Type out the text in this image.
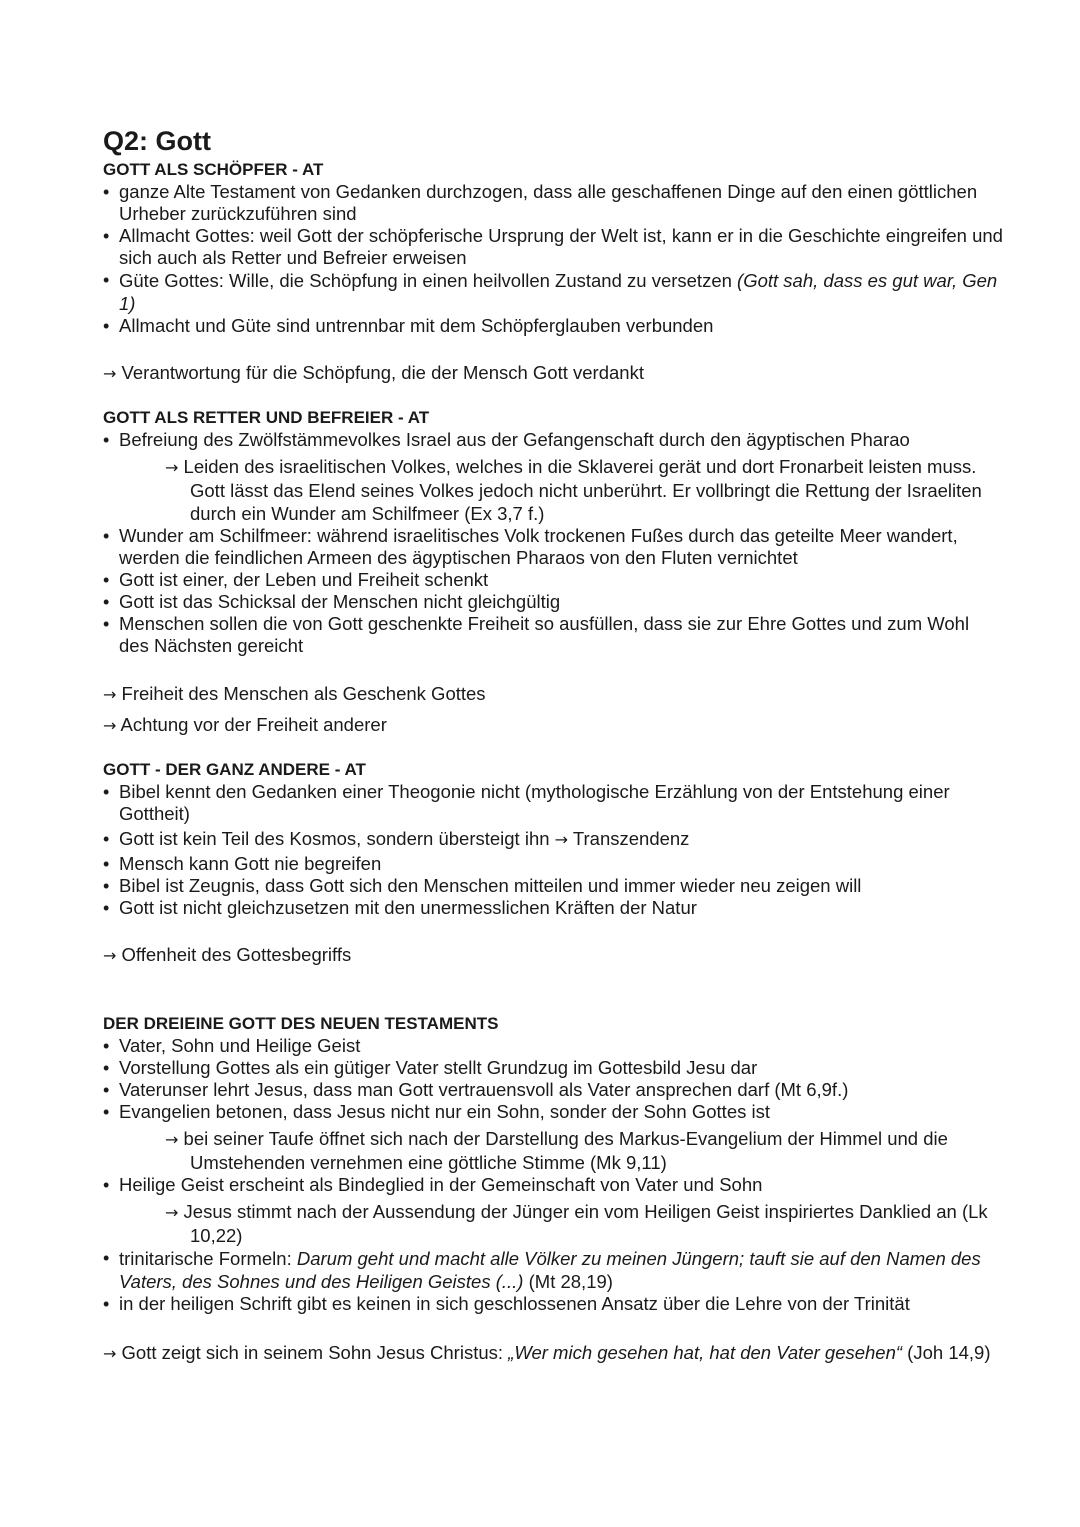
Q2: Gott
GOTT ALS SCHÖPFER - AT
• ganze Alte Testament von Gedanken durchzogen, dass alle geschaffenen Dinge auf den einen göttlichen Urheber zurückzuführen sind
• Allmacht Gottes: weil Gott der schöpferische Ursprung der Welt ist, kann er in die Geschichte eingreifen und sich auch als Retter und Befreier erweisen
• Güte Gottes: Wille, die Schöpfung in einen heilvollen Zustand zu versetzen (Gott sah, dass es gut war, Gen 1)
• Allmacht und Güte sind untrennbar mit dem Schöpferglauben verbunden
→ Verantwortung für die Schöpfung, die der Mensch Gott verdankt
GOTT ALS RETTER UND BEFREIER - AT
• Befreiung des Zwölfstämmevolkes Israel aus der Gefangenschaft durch den ägyptischen Pharao
→ Leiden des israelitischen Volkes, welches in die Sklaverei gerät und dort Fronarbeit leisten muss. Gott lässt das Elend seines Volkes jedoch nicht unberührt. Er vollbringt die Rettung der Israeliten durch ein Wunder am Schilfmeer (Ex 3,7 f.)
• Wunder am Schilfmeer: während israelitisches Volk trockenen Fußes durch das geteilte Meer wandert, werden die feindlichen Armeen des ägyptischen Pharaos von den Fluten vernichtet
• Gott ist einer, der Leben und Freiheit schenkt
• Gott ist das Schicksal der Menschen nicht gleichgültig
• Menschen sollen die von Gott geschenkte Freiheit so ausfüllen, dass sie zur Ehre Gottes und zum Wohl des Nächsten gereicht
→ Freiheit des Menschen als Geschenk Gottes
→ Achtung vor der Freiheit anderer
GOTT - DER GANZ ANDERE - AT
• Bibel kennt den Gedanken einer Theogonie nicht (mythologische Erzählung von der Entstehung einer Gottheit)
• Gott ist kein Teil des Kosmos, sondern übersteigt ihn → Transzendenz
• Mensch kann Gott nie begreifen
• Bibel ist Zeugnis, dass Gott sich den Menschen mitteilen und immer wieder neu zeigen will
• Gott ist nicht gleichzusetzen mit den unermesslichen Kräften der Natur
→ Offenheit des Gottesbegriffs
DER DREIEINE GOTT DES NEUEN TESTAMENTS
• Vater, Sohn und Heilige Geist
• Vorstellung Gottes als ein gütiger Vater stellt Grundzug im Gottesbild Jesu dar
• Vaterunser lehrt Jesus, dass man Gott vertrauensvoll als Vater ansprechen darf (Mt 6,9f.)
• Evangelien betonen, dass Jesus nicht nur ein Sohn, sonder der Sohn Gottes ist
→ bei seiner Taufe öffnet sich nach der Darstellung des Markus-Evangelium der Himmel und die Umstehenden vernehmen eine göttliche Stimme (Mk 9,11)
• Heilige Geist erscheint als Bindeglied in der Gemeinschaft von Vater und Sohn
→ Jesus stimmt nach der Aussendung der Jünger ein vom Heiligen Geist inspiriertes Danklied an (Lk 10,22)
• trinitarische Formeln: Darum geht und macht alle Völker zu meinen Jüngern; tauft sie auf den Namen des Vaters, des Sohnes und des Heiligen Geistes (...) (Mt 28,19)
• in der heiligen Schrift gibt es keinen in sich geschlossenen Ansatz über die Lehre von der Trinität
→ Gott zeigt sich in seinem Sohn Jesus Christus: „Wer mich gesehen hat, hat den Vater gesehen“ (Joh 14,9)
